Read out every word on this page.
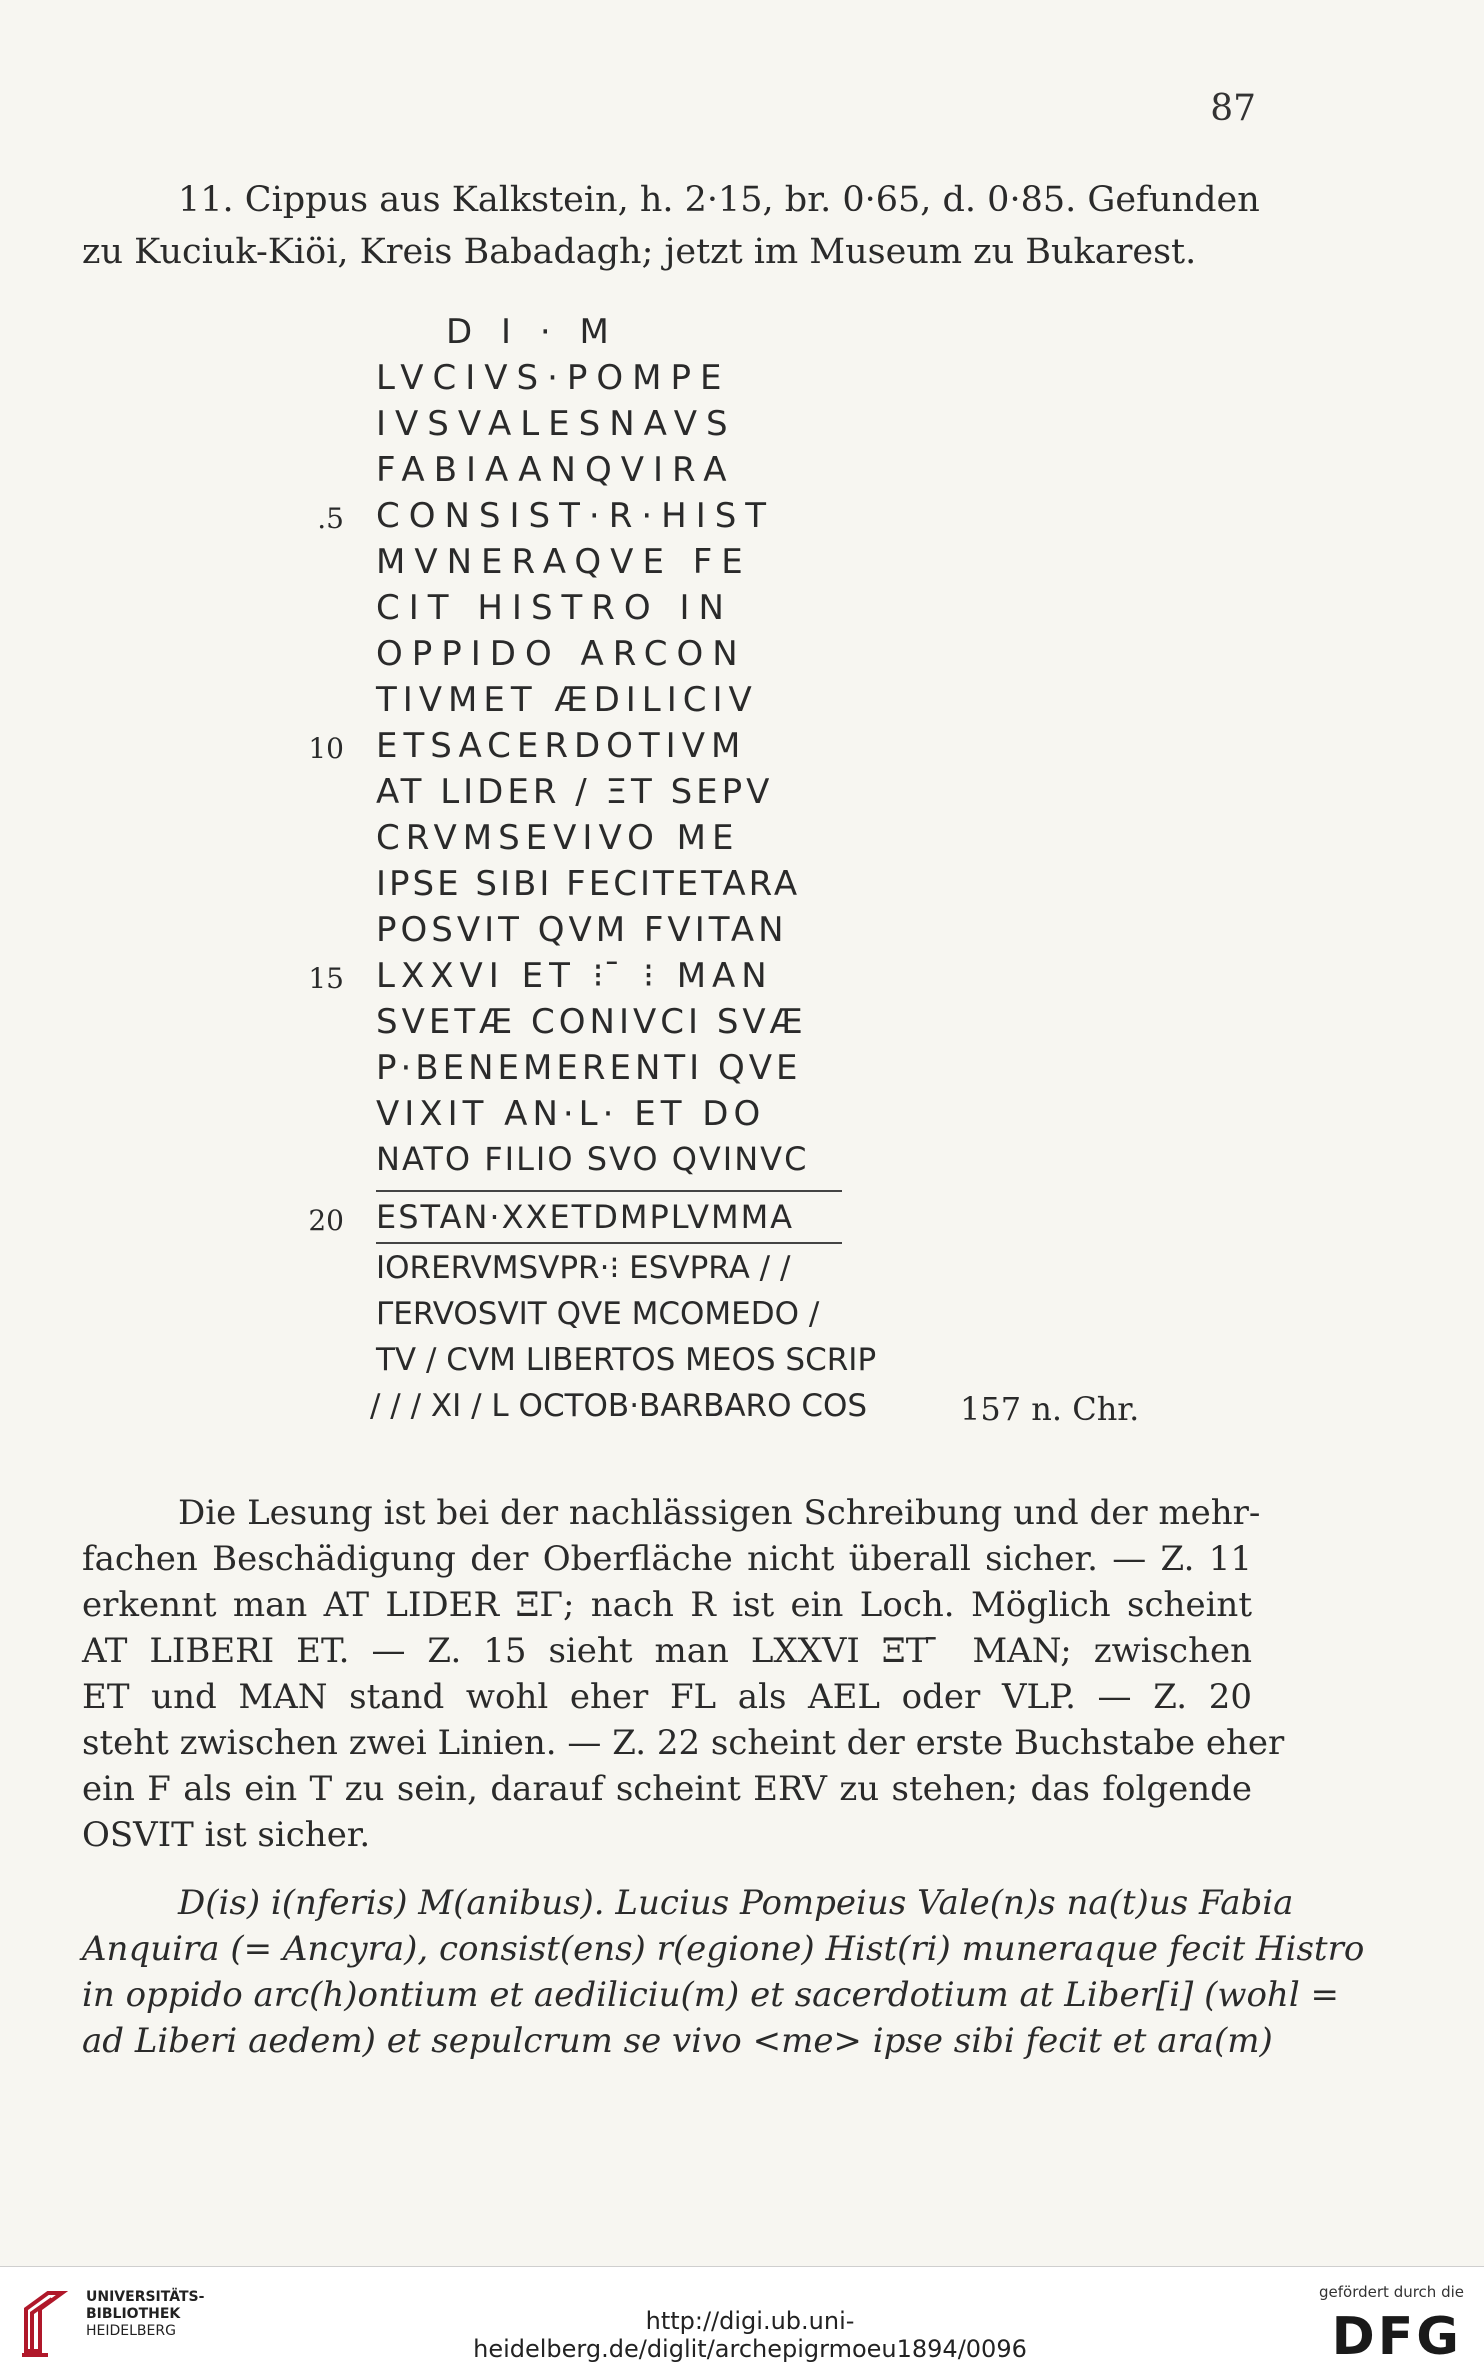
87
11. Cippus aus Kalkstein, h. 2·15, br. 0·65, d. 0·85. Gefunden
zu Kuciuk-Kiöi, Kreis Babadagh; jetzt im Museum zu Bukarest.
D I · M
LVCIVS·POMPE
IVSVALESNAVS
FABIAANQVIRA
.5 CONSIST·R·HIST
MVNERAQVE FE
CIT HISTRO IN
OPPIDO ARCON
TIVMET ÆDILICIV
10 ETSACERDOTIVM
AT LIDER / ΞT SEPV
CRVMSEVIVO ME
IPSE SIBI FECITETARA
POSVIT QVM FVITAN
15 LXXVI ET ⁝ ̄ ⁝ MAN
SVETÆ CONIVCI SVÆ
P·BENEMERENTI QVE
VIXIT AN·L· ET DO
NATO FILIO SVO QVINVC
20 ESTAN·XXETDMPLVMMA
IORERVMSVPR·⁝ ESVPRA / /
ΓERVOSVIT QVE MCOMEDO /
TV / CVM LIBERTOS MEOS SCRIP
/ / / XI / L OCTOB·BARBARO COS	157 n. Chr.
Die Lesung ist bei der nachlässigen Schreibung und der mehr-
fachen Beschädigung der Oberfläche nicht überall sicher. — Z. 11
erkennt man AT LIDER ΞΓ; nach R ist ein Loch. Möglich scheint
AT LIBERI ET. — Z. 15 sieht man LXXVI ΞT ̄ MAN; zwischen
ET und MAN stand wohl eher FL als AEL oder VLP. — Z. 20
steht zwischen zwei Linien. — Z. 22 scheint der erste Buchstabe eher
ein F als ein T zu sein, darauf scheint ERV zu stehen; das folgende
OSVIT ist sicher.
D(is) i(nferis) M(anibus). Lucius Pompeius Vale(n)s na(t)us Fabia
Anquira (= Ancyra), consist(ens) r(egione) Hist(ri) muneraque fecit Histro
in oppido arc(h)ontium et aediliciu(m) et sacerdotium at Liber[i] (wohl =
ad Liberi aedem) et sepulcrum se vivo <me> ipse sibi fecit et ara(m)
UNIVERSITÄTS-
BIBLIOTHEK
HEIDELBERG	http://digi.ub.uni-heidelberg.de/diglit/archepigrmoeu1894/0096
gefördert durch die
DFG
